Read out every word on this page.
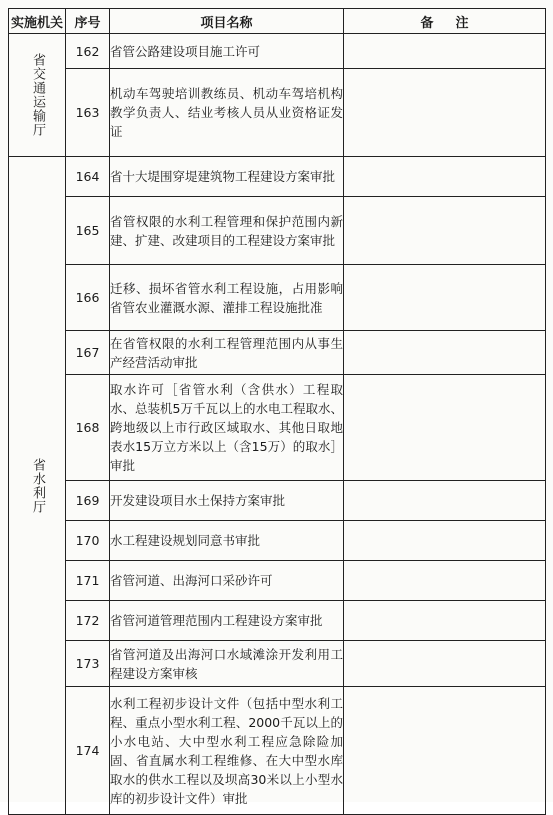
实施机关	序号	项目名称	备注
省交通运输厅	162	省管公路建设项目施工许可	
	163	机动车驾驶培训教练员、机动车驾培机构教学负责人、结业考核人员从业资格证发证	
省水利厅	164	省十大堤围穿堤建筑物工程建设方案审批	
	165	省管权限的水利工程管理和保护范围内新建、扩建、改建项目的工程建设方案审批	
	166	迁移、损坏省管水利工程设施，占用影响省管农业灌溉水源、灌排工程设施批准	
	167	在省管权限的水利工程管理范围内从事生产经营活动审批	
	168	取水许可［省管水利（含供水）工程取水、总装机5万千瓦以上的水电工程取水、跨地级以上市行政区域取水、其他日取地表水15万立方米以上（含15万）的取水］审批	
	169	开发建设项目水土保持方案审批	
	170	水工程建设规划同意书审批	
	171	省管河道、出海河口采砂许可	
	172	省管河道管理范围内工程建设方案审批	
	173	省管河道及出海河口水域滩涂开发利用工程建设方案审核	
	174	水利工程初步设计文件（包括中型水利工程、重点小型水利工程、2000千瓦以上的小水电站、大中型水利工程应急除险加固、省直属水利工程维修、在大中型水库取水的供水工程以及坝高30米以上小型水库的初步设计文件）审批	
